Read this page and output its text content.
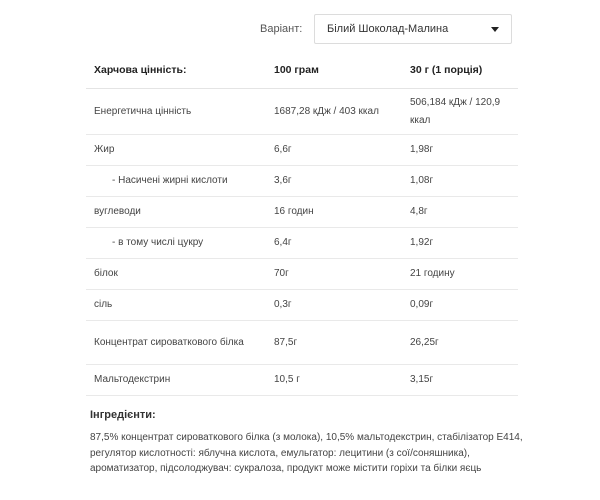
Варіант:	Білий Шоколад-Малина
Харчова цінність:	100 грам	30 г (1 порція)
Енергетична цінність	1687,28 кДж / 403 ккал	506,184 кДж / 120,9 ккал
Жир	6,6г	1,98г
- Насичені жирні кислоти	3,6г	1,08г
вуглеводи	16 годин	4,8г
- в тому числі цукру	6,4г	1,92г
білок	70г	21 годину
сіль	0,3г	0,09г
Концентрат сироваткового білка	87,5г	26,25г
Мальтодекстрин	10,5 г	3,15г
Інгредієнти:
87,5% концентрат сироваткового білка (з молока), 10,5% мальтодекстрин, стабілізатор Е414, регулятор кислотності: яблучна кислота, емульгатор: лецитини (з сої/соняшника), ароматизатор, підсолоджувач: сукралоза, продукт може містити горіхи та білки яєць
